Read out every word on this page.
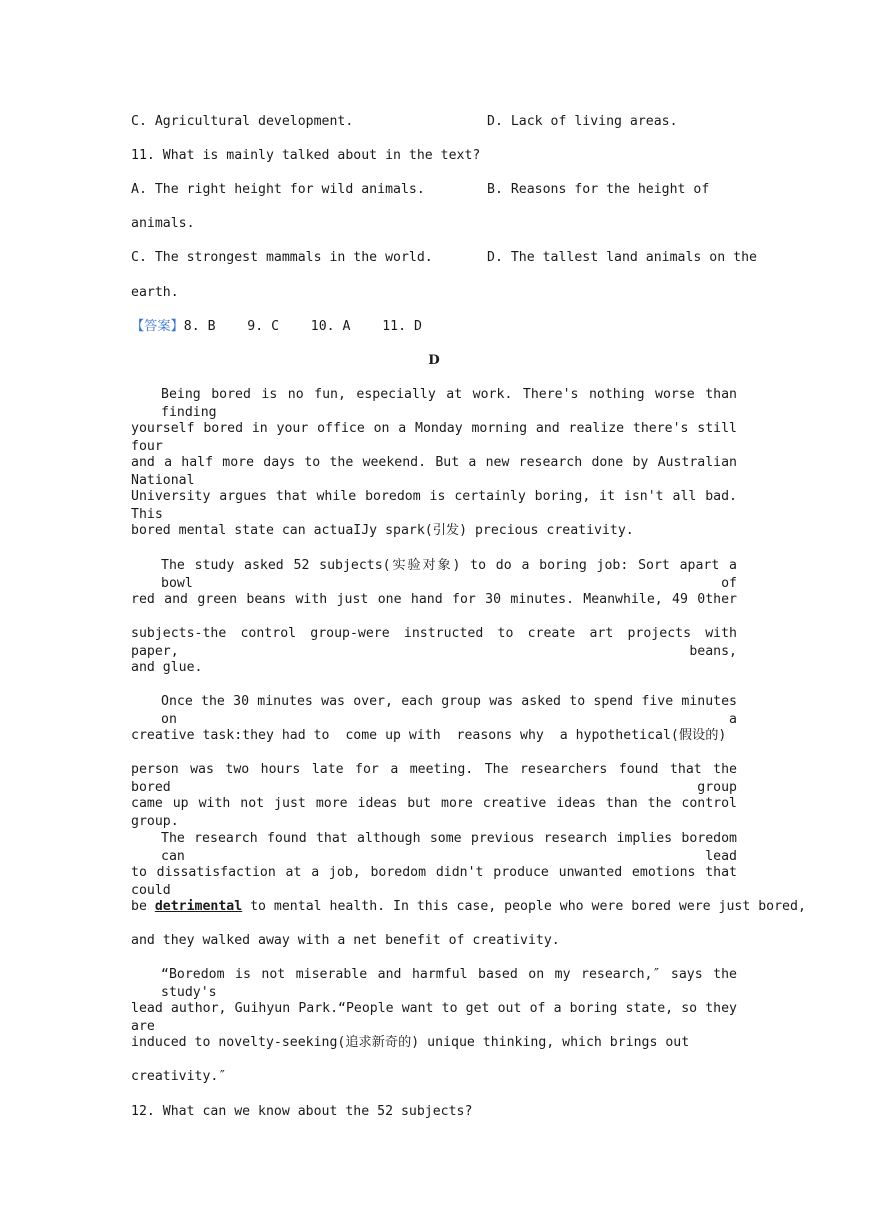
C. Agricultural development.	D. Lack of living areas.
11. What is mainly talked about in the text?
A. The right height for wild animals.	B. Reasons for the height of
animals.
C. The strongest mammals in the world.	D. The tallest land animals on the
earth.
【答案】8. B    9. C    10. A    11. D
D
Being bored is no fun, especially at work. There's nothing worse than finding
yourself bored in your office on a Monday morning and realize there's still four
and a half more days to the weekend. But a new research done by Australian National
University argues that while boredom is certainly boring, it isn't all bad. This
bored mental state can actuaIJy spark(引发) precious creativity.
The study asked 52 subjects(实验对象) to do a boring job: Sort apart a bowl of
red and green beans with just one hand for 30 minutes. Meanwhile, 49 0ther
subjects-the control group-were instructed to create art projects with paper, beans,
and glue.
Once the 30 minutes was over, each group was asked to spend five minutes on a
creative task:they had to  come up with  reasons why  a hypothetical(假设的)
person was two hours late for a meeting. The researchers found that the bored group
came up with not just more ideas but more creative ideas than the control group.
The research found that although some previous research implies boredom can lead
to dissatisfaction at a job, boredom didn't produce unwanted emotions that could
be detrimental to mental health. In this case, people who were bored were just bored,
and they walked away with a net benefit of creativity.
“Boredom is not miserable and harmful based on my research,″ says the study's
lead author, Guihyun Park.“People want to get out of a boring state, so they are
induced to novelty-seeking(追求新奇的) unique thinking, which brings out
creativity.″
12. What can we know about the 52 subjects?
